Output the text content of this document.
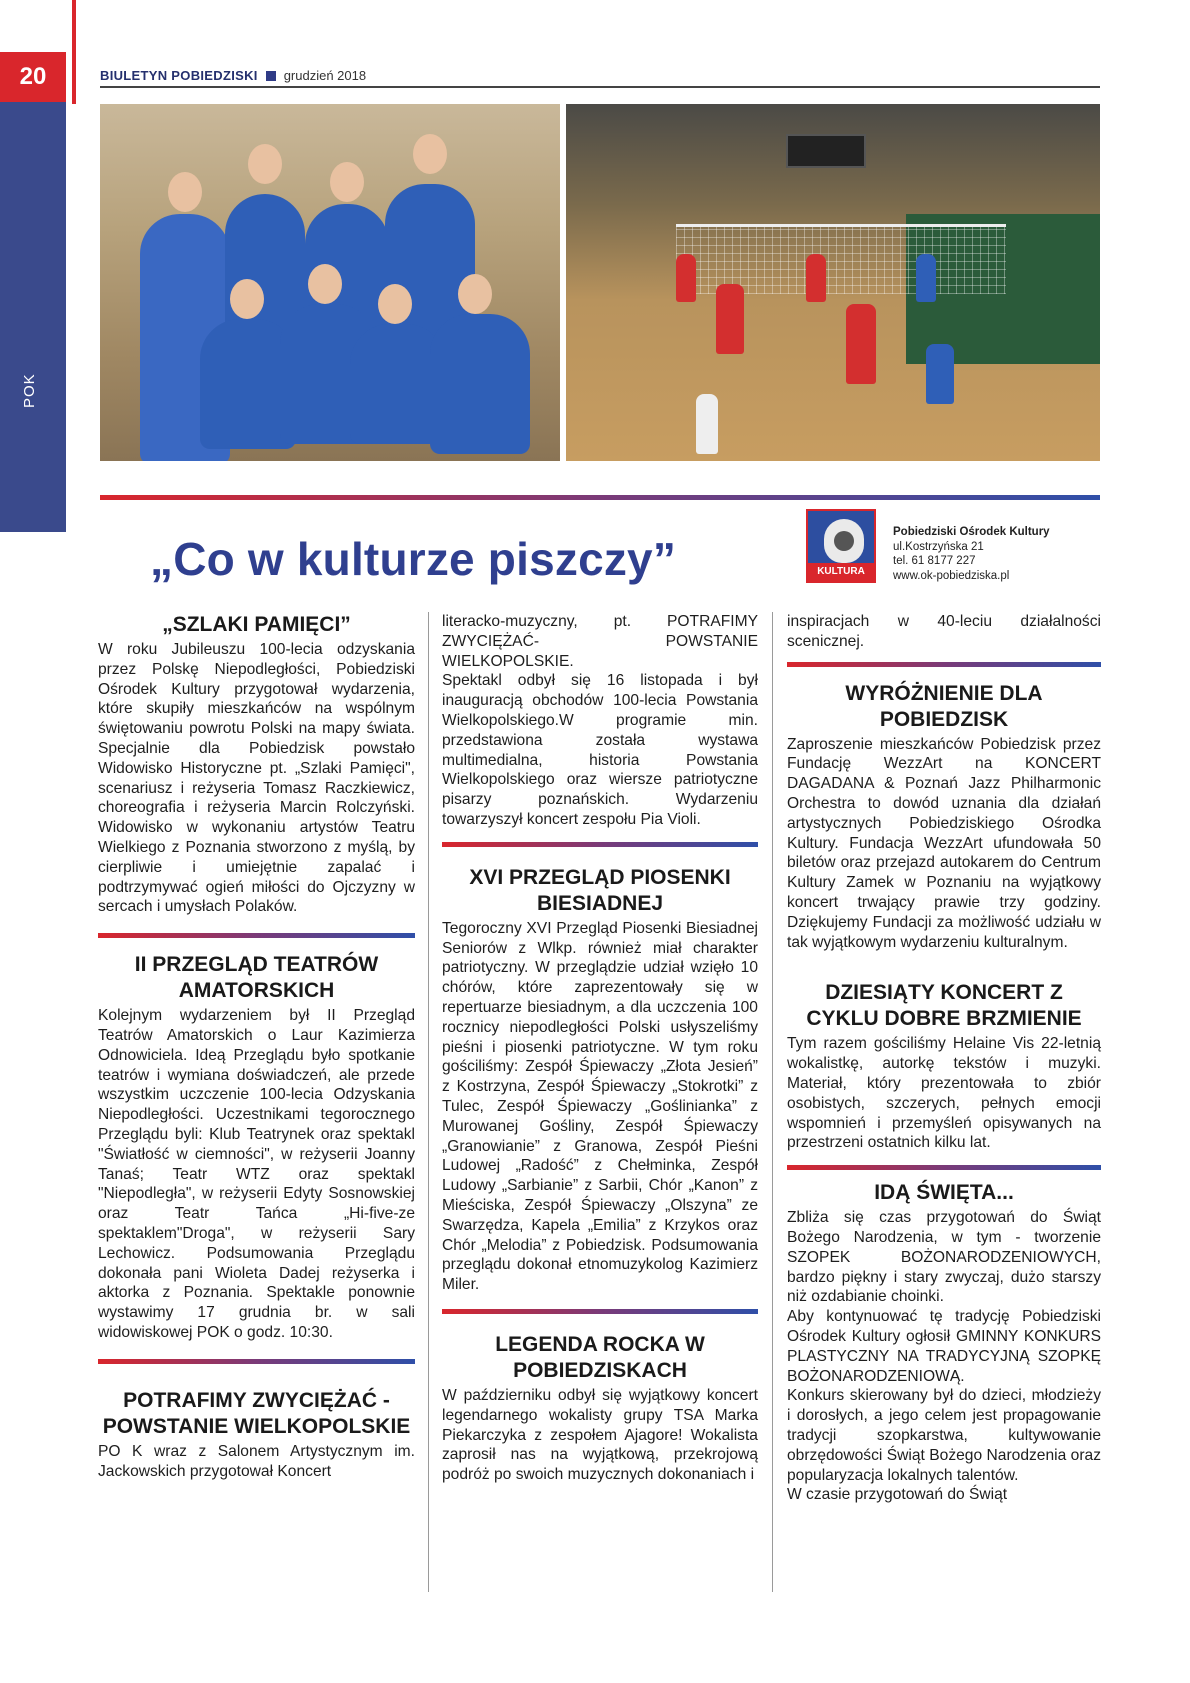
20
POK
BIULETYN POBIEDZISKI grudzień 2018
„Co w kulturze piszczy”	KULTURA
Pobiedziski Ośrodek Kultury
ul.Kostrzyńska 21
tel. 61 8177 227
www.ok-pobiedziska.pl
„SZLAKI PAMIĘCI”

W roku Jubileuszu 100-lecia odzyskania przez Polskę Niepodległości, Pobiedziski Ośrodek Kultury przygotował wydarzenia, które skupiły mieszkańców na wspólnym świętowaniu powrotu Polski na mapy świata. Specjalnie dla Pobiedzisk powstało Widowisko Historyczne pt. „Szlaki Pamięci", scenariusz i reżyseria Tomasz Raczkiewicz, choreografia i reżyseria Marcin Rolczyński. Widowisko w wykonaniu artystów Teatru Wielkiego z Poznania stworzono z myślą, by cierpliwie i umiejętnie zapalać i podtrzymywać ogień miłości do Ojczyzny w sercach i umysłach Polaków.

II PRZEGLĄD TEATRÓW AMATORSKICH

Kolejnym wydarzeniem był II Przegląd Teatrów Amatorskich o Laur Kazimierza Odnowiciela. Ideą Przeglądu było spotkanie teatrów i wymiana doświadczeń, ale przede wszystkim uczczenie 100-lecia Odzyskania Niepodległości. Uczestnikami tegorocznego Przeglądu byli: Klub Teatrynek oraz spektakl "Światłość w ciemności", w reżyserii Joanny Tanaś; Teatr WTZ oraz spektakl "Niepodległa", w reżyserii Edyty Sosnowskiej oraz Teatr Tańca „Hi-five-ze spektaklem"Droga", w reżyserii Sary Lechowicz. Podsumowania Przeglądu dokonała pani Wioleta Dadej reżyserka i aktorka z Poznania. Spektakle ponownie wystawimy 17 grudnia br. w sali widowiskowej POK o godz. 10:30.

POTRAFIMY ZWYCIĘŻAĆ - POWSTANIE WIELKOPOLSKIE

PO K wraz z Salonem Artystycznym im. Jackowskich przygotował Koncert

literacko-muzyczny, pt. POTRAFIMY ZWYCIĘŻAĆ- POWSTANIE WIELKOPOLSKIE.

Spektakl odbył się 16 listopada i był inauguracją obchodów 100-lecia Powstania Wielkopolskiego.W programie min. przedstawiona została wystawa multimedialna, historia Powstania Wielkopolskiego oraz wiersze patriotyczne pisarzy poznańskich. Wydarzeniu towarzyszył koncert zespołu Pia Violi.

XVI PRZEGLĄD PIOSENKI BIESIADNEJ

Tegoroczny XVI Przegląd Piosenki Biesiadnej Seniorów z Wlkp. również miał charakter patriotyczny. W przeglądzie udział wzięło 10 chórów, które zaprezentowały się w repertuarze biesiadnym, a dla uczczenia 100 rocznicy niepodległości Polski usłyszeliśmy pieśni i piosenki patriotyczne. W tym roku gościliśmy: Zespół Śpiewaczy „Złota Jesień” z Kostrzyna, Zespół Śpiewaczy „Stokrotki” z Tulec, Zespół Śpiewaczy „Goślinianka” z Murowanej Gośliny, Zespół Śpiewaczy „Granowianie” z Granowa, Zespół Pieśni Ludowej „Radość” z Chełminka, Zespół Ludowy „Sarbianie” z Sarbii, Chór „Kanon” z Mieściska, Zespół Śpiewaczy „Olszyna” ze Swarzędza, Kapela „Emilia” z Krzykos oraz Chór „Melodia” z Pobiedzisk. Podsumowania przeglądu dokonał etnomuzykolog Kazimierz Miler.

LEGENDA ROCKA W POBIEDZISKACH

W październiku odbył się wyjątkowy koncert legendarnego wokalisty grupy TSA Marka Piekarczyka z zespołem Ajagore! Wokalista zaprosił nas na wyjątkową, przekrojową podróż po swoich muzycznych dokonaniach i

inspiracjach w 40-leciu działalności scenicznej.

WYRÓŻNIENIE DLA POBIEDZISK

Zaproszenie mieszkańców Pobiedzisk przez Fundację WezzArt na KONCERT DAGADANA & Poznań Jazz Philharmonic Orchestra to dowód uznania dla działań artystycznych Pobiedziskiego Ośrodka Kultury. Fundacja WezzArt ufundowała 50 biletów oraz przejazd autokarem do Centrum Kultury Zamek w Poznaniu na wyjątkowy koncert trwający prawie trzy godziny. Dziękujemy Fundacji za możliwość udziału w tak wyjątkowym wydarzeniu kulturalnym.

DZIESIĄTY KONCERT Z CYKLU DOBRE BRZMIENIE

Tym razem gościliśmy Helaine Vis 22-letnią wokalistkę, autorkę tekstów i muzyki. Materiał, który prezentowała to zbiór osobistych, szczerych, pełnych emocji wspomnień i przemyśleń opisywanych na przestrzeni ostatnich kilku lat.

IDĄ ŚWIĘTA...

Zbliża się czas przygotowań do Świąt Bożego Narodzenia, w tym - tworzenie SZOPEK BOŻONARODZENIOWYCH, bardzo piękny i stary zwyczaj, dużo starszy niż ozdabianie choinki.

Aby kontynuować tę tradycję Pobiedziski Ośrodek Kultury ogłosił GMINNY KONKURS PLASTYCZNY NA TRADYCYJNĄ SZOPKĘ BOŻONARODZENIOWĄ.

Konkurs skierowany był do dzieci, młodzieży i dorosłych, a jego celem jest propagowanie tradycji szopkarstwa, kultywowanie obrzędowości Świąt Bożego Narodzenia oraz popularyzacja lokalnych talentów.

W czasie przygotowań do Świąt
